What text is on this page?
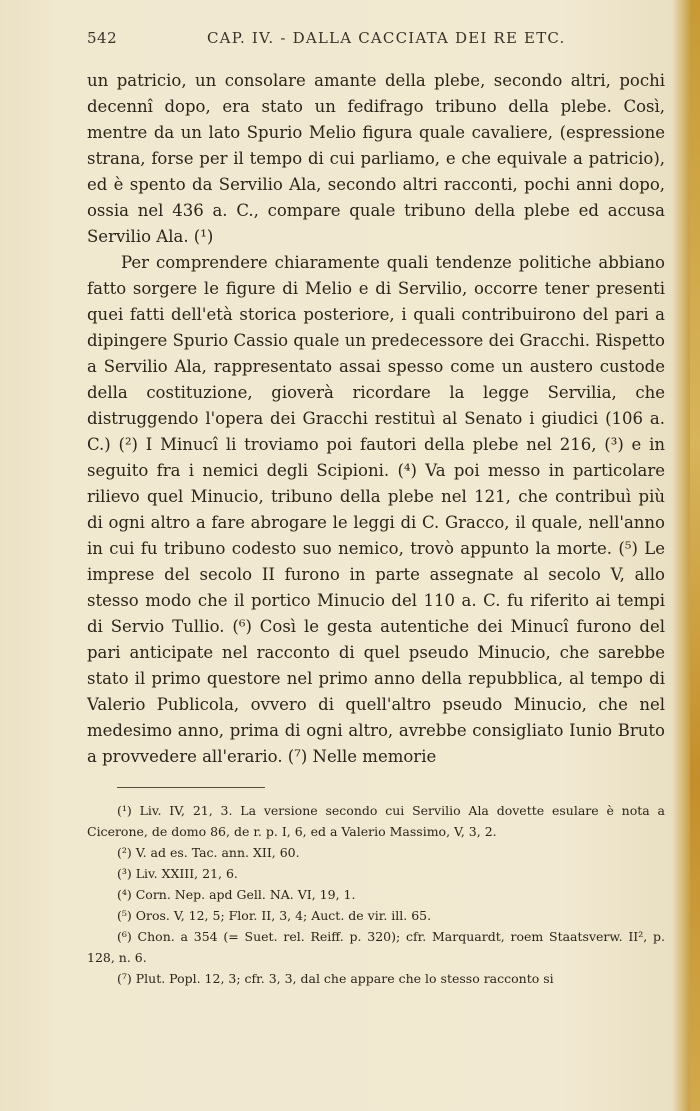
542	CAP. IV. - DALLA CACCIATA DEI RE ETC.

un patricio, un consolare amante della plebe, secondo altri, pochi decennî dopo, era stato un fedifrago tribuno della plebe. Così, mentre da un lato Spurio Melio figura quale cavaliere, (espressione strana, forse per il tempo di cui parliamo, e che equivale a patricio), ed è spento da Servilio Ala, secondo altri racconti, pochi anni dopo, ossia nel 436 a. C., compare quale tribuno della plebe ed accusa Servilio Ala. (¹)

Per comprendere chiaramente quali tendenze politiche abbiano fatto sorgere le figure di Melio e di Servilio, occorre tener presenti quei fatti dell'età storica posteriore, i quali contribuirono del pari a dipingere Spurio Cassio quale un predecessore dei Gracchi. Rispetto a Servilio Ala, rappresentato assai spesso come un austero custode della costituzione, gioverà ricordare la legge Servilia, che distruggendo l'opera dei Gracchi restituì al Senato i giudici (106 a. C.) (²) I Minucî li troviamo poi fautori della plebe nel 216, (³) e in seguito fra i nemici degli Scipioni. (⁴) Va poi messo in particolare rilievo quel Minucio, tribuno della plebe nel 121, che contribuì più di ogni altro a fare abrogare le leggi di C. Gracco, il quale, nell'anno in cui fu tribuno codesto suo nemico, trovò appunto la morte. (⁵) Le imprese del secolo II furono in parte assegnate al secolo V, allo stesso modo che il portico Minucio del 110 a. C. fu riferito ai tempi di Servio Tullio. (⁶) Così le gesta autentiche dei Minucî furono del pari anticipate nel racconto di quel pseudo Minucio, che sarebbe stato il primo questore nel primo anno della repubblica, al tempo di Valerio Publicola, ovvero di quell'altro pseudo Minucio, che nel medesimo anno, prima di ogni altro, avrebbe consigliato Iunio Bruto a provvedere all'erario. (⁷) Nelle memorie

(¹) Liv. IV, 21, 3. La versione secondo cui Servilio Ala dovette esulare è nota a Cicerone, de domo 86, de r. p. I, 6, ed a Valerio Massimo, V, 3, 2.

(²) V. ad es. Tac. ann. XII, 60.

(³) Liv. XXIII, 21, 6.

(⁴) Corn. Nep. apd Gell. NA. VI, 19, 1.

(⁵) Oros. V, 12, 5; Flor. II, 3, 4; Auct. de vir. ill. 65.

(⁶) Chon. a 354 (= Suet. rel. Reiff. p. 320); cfr. Marquardt, roem Staatsverw. II², p. 128, n. 6.

(⁷) Plut. Popl. 12, 3; cfr. 3, 3, dal che appare che lo stesso racconto si
